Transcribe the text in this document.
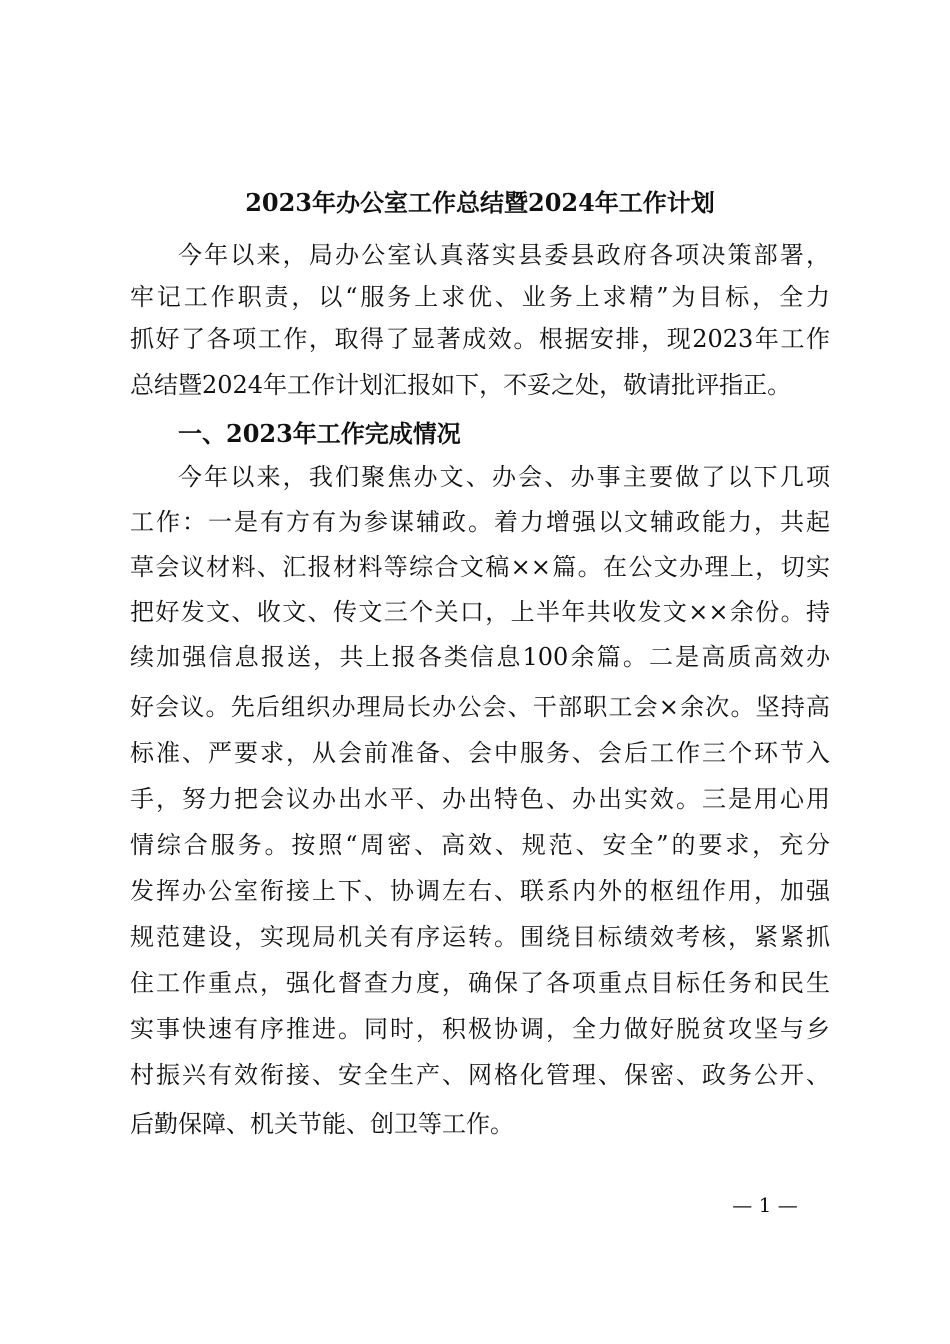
2023年办公室工作总结暨2024年工作计划
今年以来，局办公室认真落实县委县政府各项决策部署，
牢记工作职责，以“服务上求优、业务上求精”为目标，全力
抓好了各项工作，取得了显著成效。根据安排，现2023年工作
总结暨2024年工作计划汇报如下，不妥之处，敬请批评指正。
一、2023年工作完成情况
今年以来，我们聚焦办文、办会、办事主要做了以下几项
工作：一是有方有为参谋辅政。着力增强以文辅政能力，共起
草会议材料、汇报材料等综合文稿××篇。在公文办理上，切实
把好发文、收文、传文三个关口，上半年共收发文××余份。持
续加强信息报送，共上报各类信息100余篇。二是高质高效办
好会议。先后组织办理局长办公会、干部职工会×余次。坚持高
标准、严要求，从会前准备、会中服务、会后工作三个环节入
手，努力把会议办出水平、办出特色、办出实效。三是用心用
情综合服务。按照“周密、高效、规范、安全”的要求，充分
发挥办公室衔接上下、协调左右、联系内外的枢纽作用，加强
规范建设，实现局机关有序运转。围绕目标绩效考核，紧紧抓
住工作重点，强化督查力度，确保了各项重点目标任务和民生
实事快速有序推进。同时，积极协调，全力做好脱贫攻坚与乡
村振兴有效衔接、安全生产、网格化管理、保密、政务公开、
后勤保障、机关节能、创卫等工作。
— 1 —
